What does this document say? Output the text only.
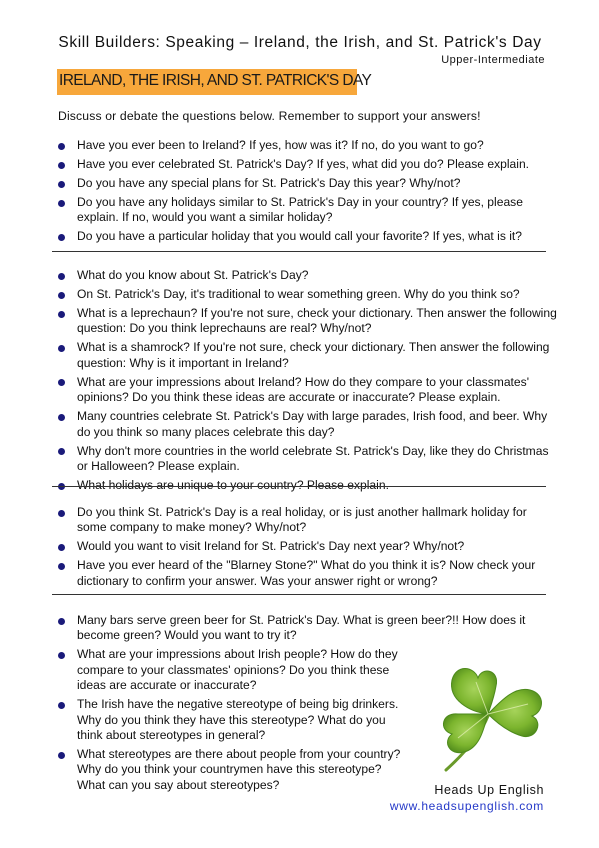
Skill Builders: Speaking – Ireland, the Irish, and St. Patrick's Day
Upper-Intermediate
IRELAND, THE IRISH, AND ST. PATRICK'S DAY
Discuss or debate the questions below. Remember to support your answers!
Have you ever been to Ireland? If yes, how was it? If no, do you want to go?
Have you ever celebrated St. Patrick's Day? If yes, what did you do? Please explain.
Do you have any special plans for St. Patrick's Day this year? Why/not?
Do you have any holidays similar to St. Patrick's Day in your country? If yes, please explain. If no, would you want a similar holiday?
Do you have a particular holiday that you would call your favorite? If yes, what is it?
What do you know about St. Patrick's Day?
On St. Patrick's Day, it's traditional to wear something green. Why do you think so?
What is a leprechaun? If you're not sure, check your dictionary. Then answer the following question: Do you think leprechauns are real? Why/not?
What is a shamrock? If you're not sure, check your dictionary. Then answer the following question: Why is it important in Ireland?
What are your impressions about Ireland? How do they compare to your classmates' opinions? Do you think these ideas are accurate or inaccurate? Please explain.
Many countries celebrate St. Patrick's Day with large parades, Irish food, and beer. Why do you think so many places celebrate this day?
Why don't more countries in the world celebrate St. Patrick's Day, like they do Christmas or Halloween? Please explain.
What holidays are unique to your country? Please explain.
Do you think St. Patrick's Day is a real holiday, or is just another hallmark holiday for some company to make money? Why/not?
Would you want to visit Ireland for St. Patrick's Day next year? Why/not?
Have you ever heard of the "Blarney Stone?" What do you think it is? Now check your dictionary to confirm your answer. Was your answer right or wrong?
Many bars serve green beer for St. Patrick's Day. What is green beer?!! How does it become green? Would you want to try it?
What are your impressions about Irish people? How do they compare to your classmates' opinions? Do you think these ideas are accurate or inaccurate?
The Irish have the negative stereotype of being big drinkers. Why do you think they have this stereotype? What do you think about stereotypes in general?
What stereotypes are there about people from your country? Why do you think your countrymen have this stereotype? What can you say about stereotypes?	Heads Up English
www.headsupenglish.com
